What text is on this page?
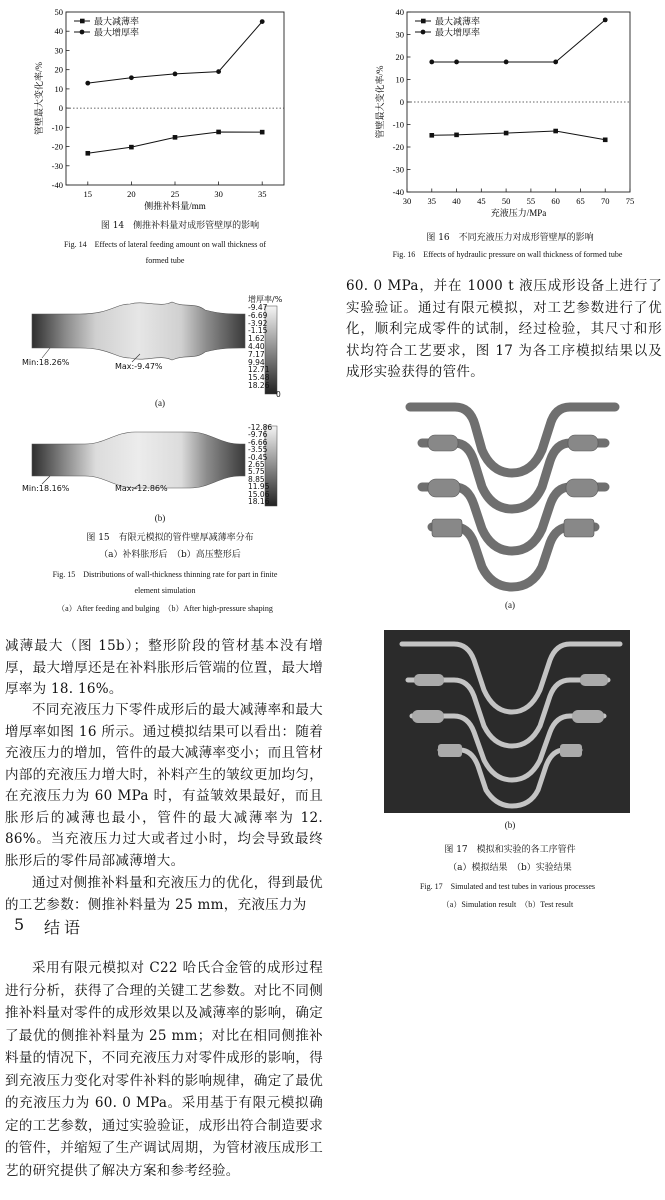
-40
-30
-20
-10
0
10
20
30
40
50
15	20	25	30	35
侧推补料量/mm
管壁最大变化率/%
最大减薄率
最大增厚率
图 14　侧推补料量对成形管壁厚的影响
Fig. 14　Effects of lateral feeding amount on wall thickness of
formed tube
-40
-30
-20
-10
0
10
20
30
40
30 35 40 45 50 55 60 65 70 75
充液压力/MPa
管壁最大变化率/%
最大减薄率
最大增厚率
图 16　不同充液压力对成形管壁厚的影响
Fig. 16　Effects of hydraulic pressure on wall thickness of formed tube
增厚率/%
-9.47
-6.69
-3.92
-1.15
1.62
4.40
7.17
9.94
12.71
15.48
18.26
0
Min:18.26%	Max:-9.47%
(a)
-12.86
-9.76
-6.66
-3.55
-0.45
2.65
5.75
8.85
11.95
15.06
18.16
Min:18.16%	Max:-12.86%
(b)
图 15　有限元模拟的管件壁厚减薄率分布
（a）补料胀形后　（b）高压整形后
Fig. 15　Distributions of wall-thickness thinning rate for part in finite
element simulation
（a）After feeding and bulging　（b）After high-pressure shaping
减薄最大（图 15b）；整形阶段的管材基本没有增厚，最大增厚还是在补料胀形后管端的位置，最大增厚率为 18. 16%。
不同充液压力下零件成形后的最大减薄率和最大增厚率如图 16 所示。通过模拟结果可以看出：随着充液压力的增加，管件的最大减薄率变小；而且管材内部的充液压力增大时，补料产生的皱纹更加均匀，在充液压力为 60 MPa 时，有益皱效果最好，而且胀形后的减薄也最小，管件的最大减薄率为 12. 86%。当充液压力过大或者过小时，均会导致最终胀形后的零件局部减薄增大。
通过对侧推补料量和充液压力的优化，得到最优的工艺参数：侧推补料量为 25 mm，充液压力为
5 结语
采用有限元模拟对 C22 哈氏合金管的成形过程进行分析，获得了合理的关键工艺参数。对比不同侧推补料量对零件的成形效果以及减薄率的影响，确定了最优的侧推补料量为 25 mm；对比在相同侧推补料量的情况下，不同充液压力对零件成形的影响，得到充液压力变化对零件补料的影响规律，确定了最优的充液压力为 60. 0 MPa。采用基于有限元模拟确定的工艺参数，通过实验验证，成形出符合制造要求的管件，并缩短了生产调试周期，为管材液压成形工艺的研究提供了解决方案和参考经验。
60. 0 MPa，并在 1000 t 液压成形设备上进行了实验验证。通过有限元模拟，对工艺参数进行了优化，顺利完成零件的试制，经过检验，其尺寸和形状均符合工艺要求，图 17 为各工序模拟结果以及成形实验获得的管件。
(a)
(b)
图 17　模拟和实验的各工序管件
（a）模拟结果　（b）实验结果
Fig. 17　Simulated and test tubes in various processes
（a）Simulation result　（b）Test result
